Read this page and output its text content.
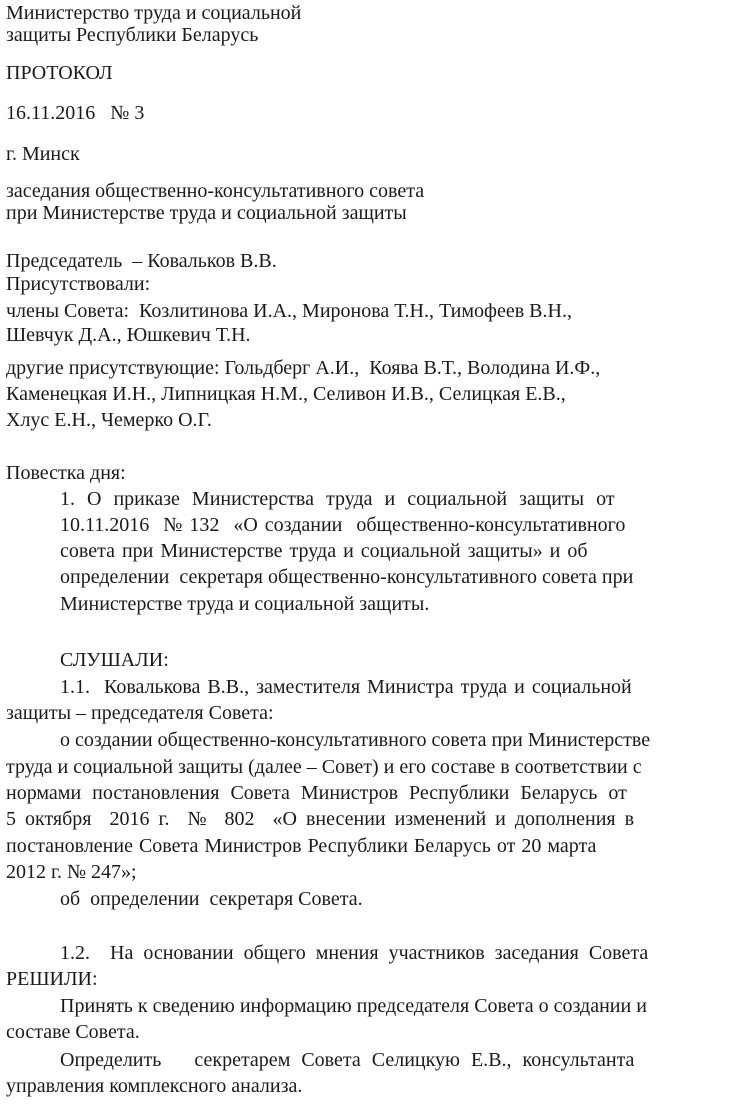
Министерство труда и социальной
защиты Республики Беларусь
ПРОТОКОЛ
16.11.2016   № 3
г. Минск
заседания общественно-консультативного совета
при Министерстве труда и социальной защиты
Председатель  – Ковальков В.В.
Присутствовали:
члены Совета:  Козлитинова И.А., Миронова Т.Н., Тимофеев В.Н.,
Шевчук Д.А., Юшкевич Т.Н.
другие присутствующие: Гольдберг А.И.,  Коява В.Т., Володина И.Ф.,
Каменецкая И.Н., Липницкая Н.М., Селивон И.В., Селицкая Е.В.,
Хлус Е.Н., Чемерко О.Г.
Повестка дня:
1. О приказе Министерства труда и социальной защиты от
10.11.2016  № 132  «О создании  общественно-консультативного
совета при Министерстве труда и социальной защиты» и об
определении  секретаря общественно-консультативного совета при
Министерстве труда и социальной защиты.
СЛУШАЛИ:
1.1.  Ковалькова В.В., заместителя Министра труда и социальной
защиты – председателя Совета:
о создании общественно-консультативного совета при Министерстве
труда и социальной защиты (далее – Совет) и его составе в соответствии с
нормами постановления Совета Министров Республики Беларусь от
5 октября  2016 г.  №  802  «О внесении изменений и дополнения в
постановление Совета Министров Республики Беларусь от 20 марта
2012 г. № 247»;
об  определении  секретаря Совета.
1.2.  На основании общего мнения участников заседания Совета
РЕШИЛИ:
Принять к сведению информацию председателя Совета о создании и
составе Совета.
Определить   секретарем Совета Селицкую Е.В., консультанта
управления комплексного анализа.
